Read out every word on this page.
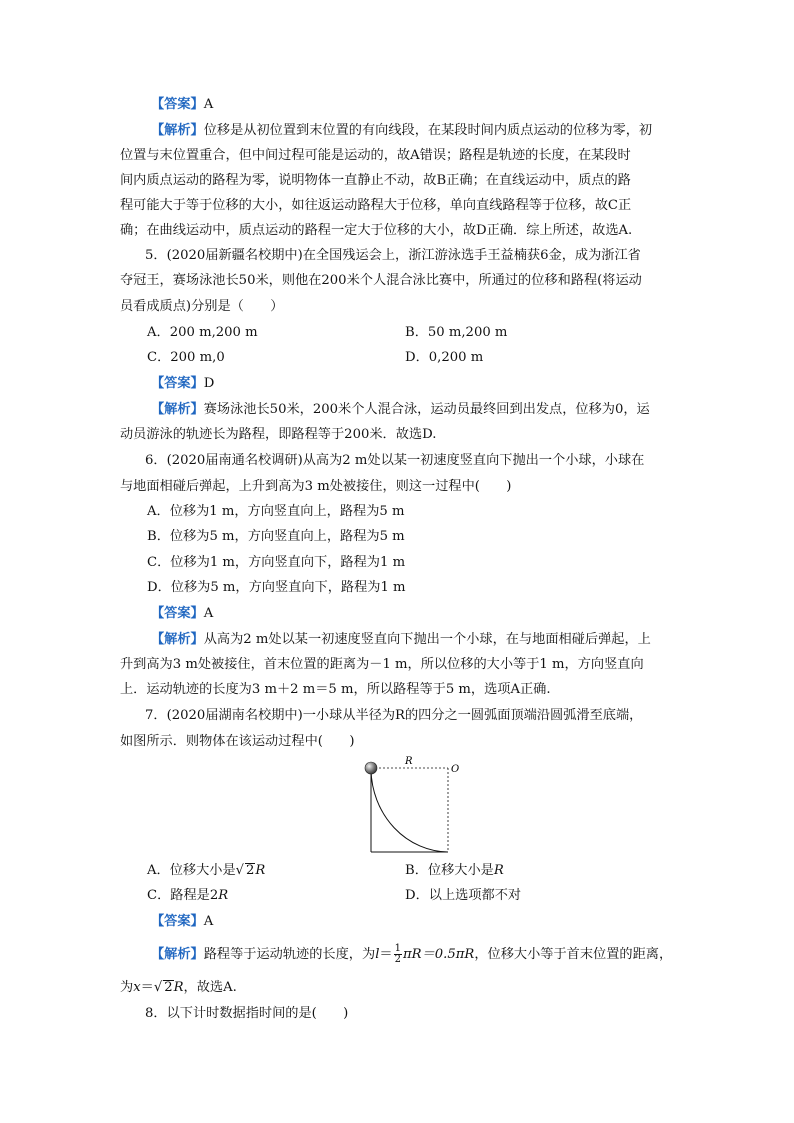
【答案】A
【解析】位移是从初位置到末位置的有向线段，在某段时间内质点运动的位移为零，初
位置与末位置重合，但中间过程可能是运动的，故A错误；路程是轨迹的长度，在某段时
间内质点运动的路程为零，说明物体一直静止不动，故B正确；在直线运动中，质点的路
程可能大于等于位移的大小，如往返运动路程大于位移，单向直线路程等于位移，故C正
确；在曲线运动中，质点运动的路程一定大于位移的大小，故D正确．综上所述，故选A.
5．(2020届新疆名校期中)在全国残运会上，浙江游泳选手王益楠获6金，成为浙江省
夺冠王，赛场泳池长50米，则他在200米个人混合泳比赛中，所通过的位移和路程(将运动
员看成质点)分别是（　　）
A．200 m,200 m	B．50 m,200 m
C．200 m,0	D．0,200 m
【答案】D
【解析】赛场泳池长50米，200米个人混合泳，运动员最终回到出发点，位移为0，运
动员游泳的轨迹长为路程，即路程等于200米．故选D.
6．(2020届南通名校调研)从高为2 m处以某一初速度竖直向下抛出一个小球，小球在
与地面相碰后弹起，上升到高为3 m处被接住，则这一过程中(　　)
A．位移为1 m，方向竖直向上，路程为5 m
B．位移为5 m，方向竖直向上，路程为5 m
C．位移为1 m，方向竖直向下，路程为1 m
D．位移为5 m，方向竖直向下，路程为1 m
【答案】A
【解析】从高为2 m处以某一初速度竖直向下抛出一个小球，在与地面相碰后弹起，上
升到高为3 m处被接住，首末位置的距离为－1 m，所以位移的大小等于1 m，方向竖直向
上．运动轨迹的长度为3 m＋2 m＝5 m，所以路程等于5 m，选项A正确.
7．(2020届湖南名校期中)一小球从半径为R的四分之一圆弧面顶端沿圆弧滑至底端，
如图所示．则物体在该运动过程中(　　)
R
O
A．位移大小是√ 2R	B．位移大小是R
C．路程是2R	D．以上选项都不对
【答案】A
【解析】路程等于运动轨迹的长度，为$l= \frac{1}{2} \pi R=0.5\pi R$，位移大小等于首末位置的距离，
为x＝√ 2R，故选A.
8．以下计时数据指时间的是(　　)
